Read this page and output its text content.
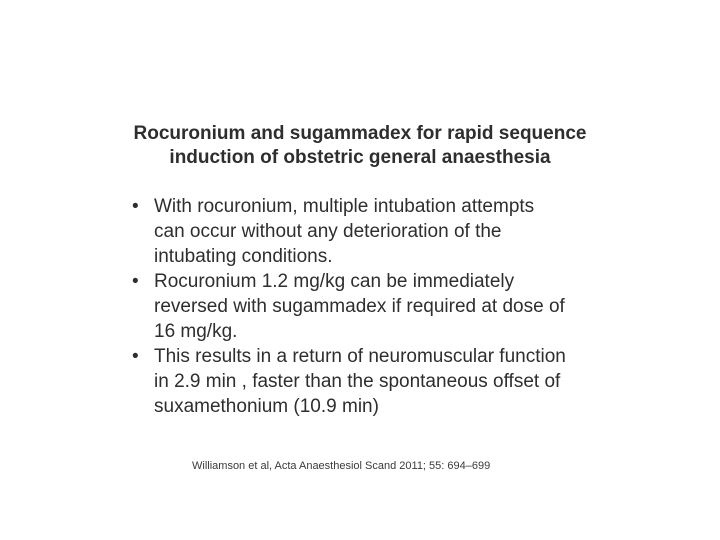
Rocuronium and sugammadex for rapid sequence
induction of obstetric general anaesthesia
• With rocuronium, multiple intubation attempts
can occur without any deterioration of the
intubating conditions.
• Rocuronium 1.2 mg/kg can be immediately
reversed with sugammadex if required at dose of
16 mg/kg.
• This results in a return of neuromuscular function
in 2.9 min , faster than the spontaneous offset of
suxamethonium (10.9 min)
Williamson et al, Acta Anaesthesiol Scand 2011; 55: 694–699
